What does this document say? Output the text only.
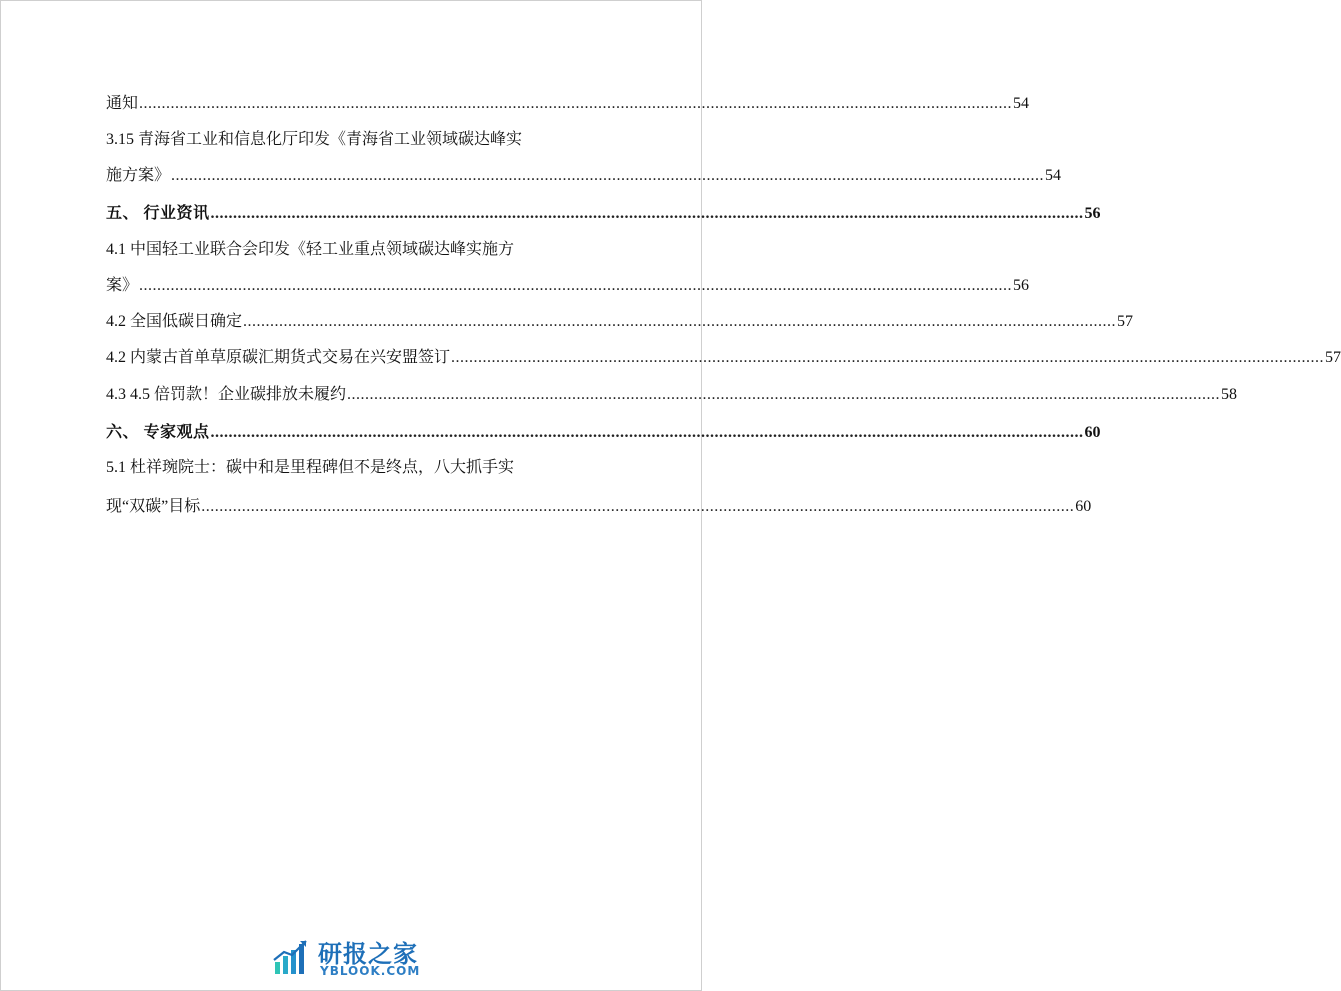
通知 .................................................................................................................................................................................................. 54
3.15 青海省工业和信息化厅印发《青海省工业领域碳达峰实
施方案》 .................................................................................................................................................................................................. 54
五、 行业资讯 .................................................................................................................................................................................................. 56
4.1 中国轻工业联合会印发《轻工业重点领域碳达峰实施方
案》 .................................................................................................................................................................................................. 56
4.2 全国低碳日确定 .................................................................................................................................................................................................. 57
4.2 内蒙古首单草原碳汇期货式交易在兴安盟签订 .................................................................................................................................................................................................. 57
4.3 4.5 倍罚款！企业碳排放未履约 .................................................................................................................................................................................................. 58
六、 专家观点 .................................................................................................................................................................................................. 60
5.1 杜祥琬院士：碳中和是里程碑但不是终点，八大抓手实
现“双碳”目标 .................................................................................................................................................................................................. 60
研报之家
YBLOOK.COM
